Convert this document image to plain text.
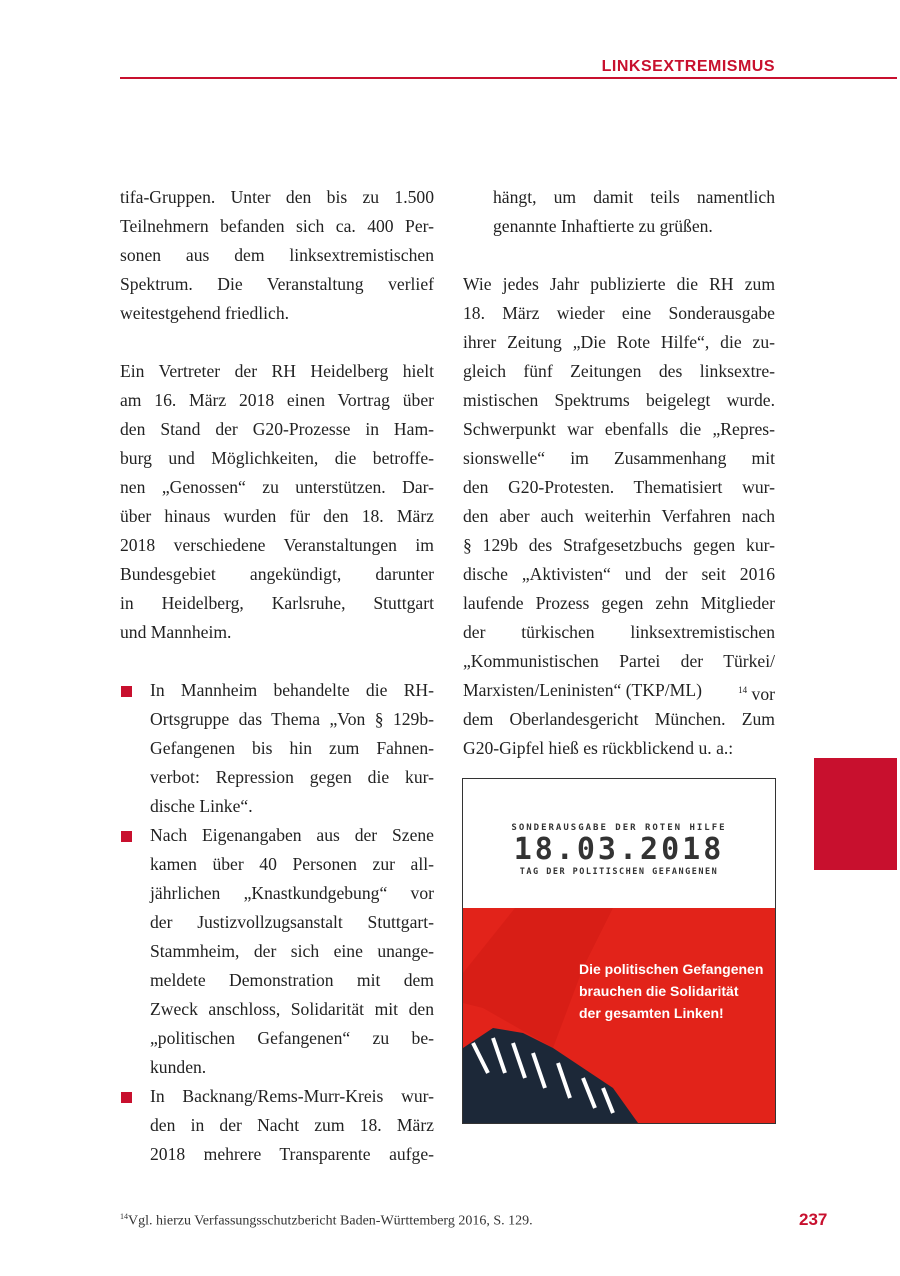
LINKSEXTREMISMUS
tifa-Gruppen. Unter den bis zu 1.500
Teilnehmern befanden sich ca. 400 Per-
sonen aus dem linksextremistischen
Spektrum. Die Veranstaltung verlief
weitestgehend friedlich.
Ein Vertreter der RH Heidelberg hielt
am 16. März 2018 einen Vortrag über
den Stand der G20-Prozesse in Ham-
burg und Möglichkeiten, die betroffe-
nen „Genossen“ zu unterstützen. Dar-
über hinaus wurden für den 18. März
2018 verschiedene Veranstaltungen im
Bundesgebiet angekündigt, darunter
in Heidelberg, Karlsruhe, Stuttgart
und Mannheim.
In Mannheim behandelte die RH-
Ortsgruppe das Thema „Von § 129b-
Gefangenen bis hin zum Fahnen-
verbot: Repression gegen die kur-
dische Linke“.
Nach Eigenangaben aus der Szene
kamen über 40 Personen zur all-
jährlichen „Knastkundgebung“ vor
der Justizvollzugsanstalt Stuttgart-
Stammheim, der sich eine unange-
meldete Demonstration mit dem
Zweck anschloss, Solidarität mit den
„politischen Gefangenen“ zu be-
kunden.
In Backnang/Rems-Murr-Kreis wur-
den in der Nacht zum 18. März
2018 mehrere Transparente aufge-
hängt, um damit teils namentlich
genannte Inhaftierte zu grüßen.
Wie jedes Jahr publizierte die RH zum
18. März wieder eine Sonderausgabe
ihrer Zeitung „Die Rote Hilfe“, die zu-
gleich fünf Zeitungen des linksextre-
mistischen Spektrums beigelegt wurde.
Schwerpunkt war ebenfalls die „Repres-
sionswelle“ im Zusammenhang mit
den G20-Protesten. Thematisiert wur-
den aber auch weiterhin Verfahren nach
§ 129b des Strafgesetzbuchs gegen kur-
dische „Aktivisten“ und der seit 2016
laufende Prozess gegen zehn Mitglieder
der türkischen linksextremistischen
„Kommunistischen Partei der Türkei/
Marxisten/Leninisten“ (TKP/ML)	$^{14}$ vor
dem Oberlandesgericht München. Zum
G20-Gipfel hieß es rückblickend u. a.:
SONDERAUSGABE DER ROTEN HILFE
18.03.2018
TAG DER POLITISCHEN GEFANGENEN
Die politischen Gefangenen
brauchen die Solidarität
der gesamten Linken!
$^{14}$Vgl. hierzu Verfassungsschutzbericht Baden-Württemberg 2016, S. 129.	237
